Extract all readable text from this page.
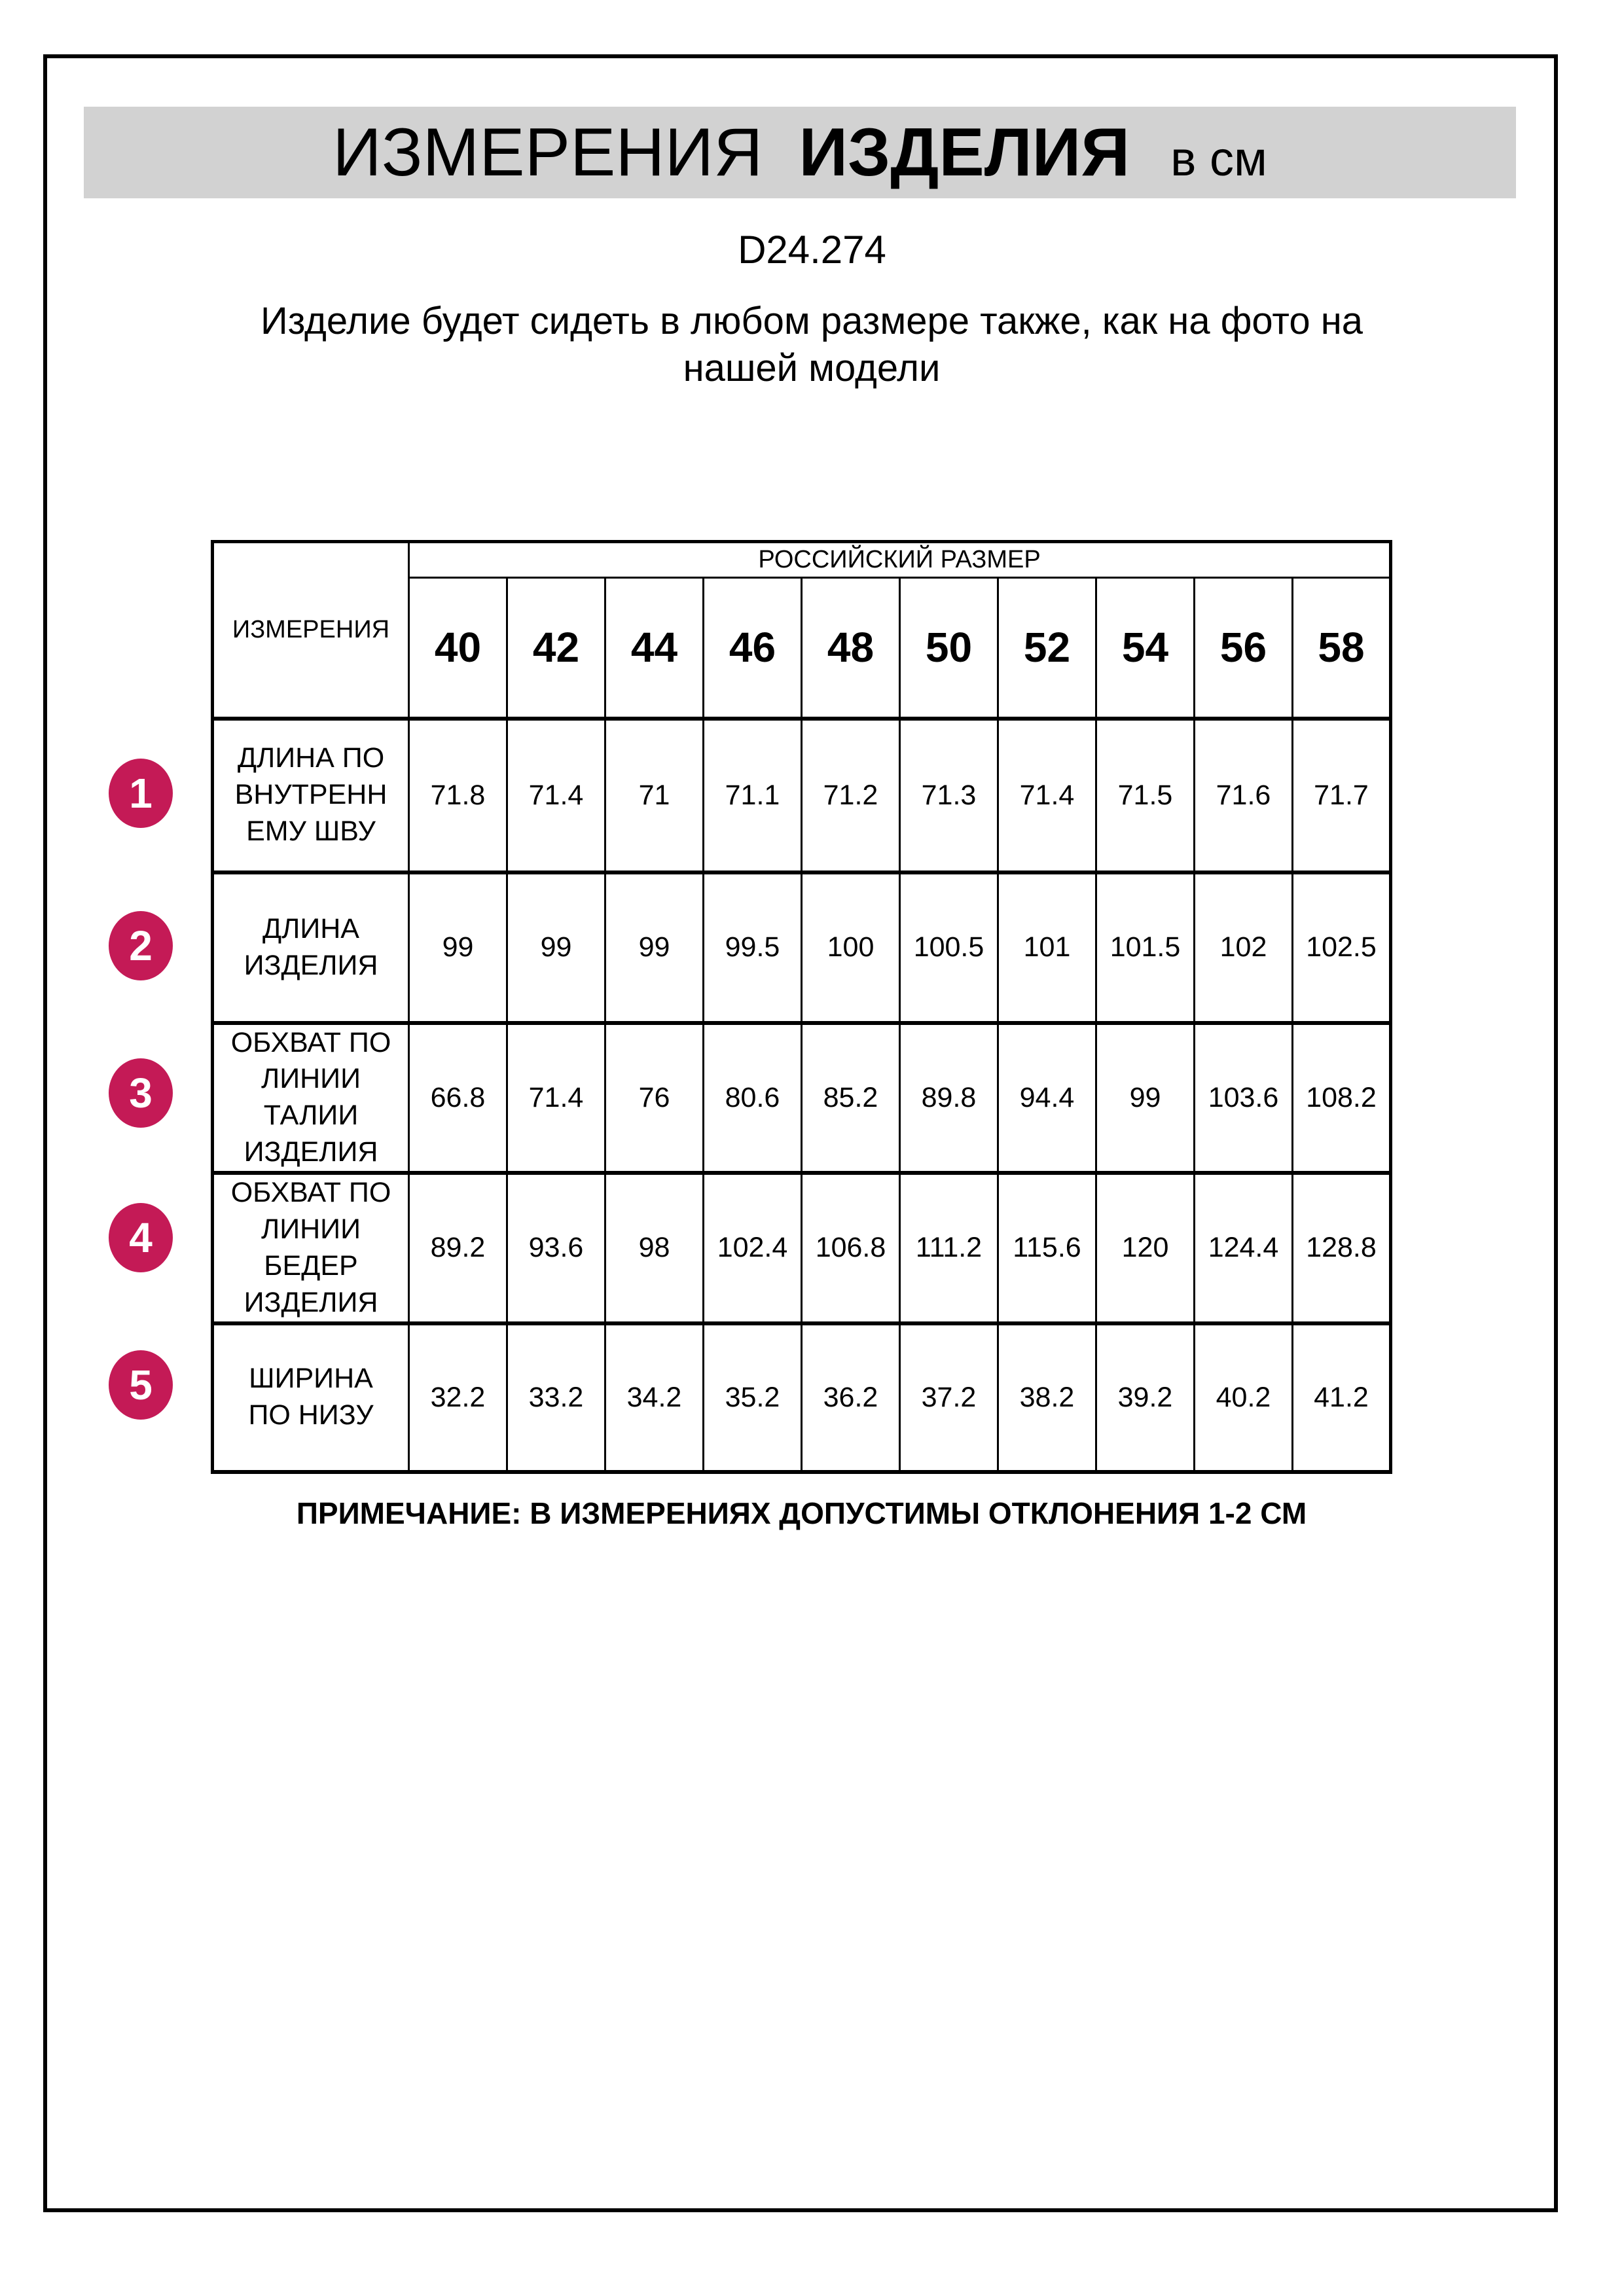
ИЗМЕРЕНИЯ ИЗДЕЛИЯ в см
D24.274
Изделие будет сидеть в любом размере также, как на фото на нашей модели
ИЗМЕРЕНИЯ	РОССИЙСКИЙ РАЗМЕР									
	40	42	44	46	48	50	52	54	56	58
ДЛИНА ПО ВНУТРЕННЕМУ ШВУ	71.8	71.4	71	71.1	71.2	71.3	71.4	71.5	71.6	71.7
ДЛИНА ИЗДЕЛИЯ	99	99	99	99.5	100	100.5	101	101.5	102	102.5
ОБХВАТ ПО ЛИНИИ ТАЛИИ ИЗДЕЛИЯ	66.8	71.4	76	80.6	85.2	89.8	94.4	99	103.6	108.2
ОБХВАТ ПО ЛИНИИ БЕДЕР ИЗДЕЛИЯ	89.2	93.6	98	102.4	106.8	111.2	115.6	120	124.4	128.8
ШИРИНА ПО НИЗУ	32.2	33.2	34.2	35.2	36.2	37.2	38.2	39.2	40.2	41.2
1
2
3
4
5
ПРИМЕЧАНИЕ: В ИЗМЕРЕНИЯХ ДОПУСТИМЫ ОТКЛОНЕНИЯ 1-2 СМ
